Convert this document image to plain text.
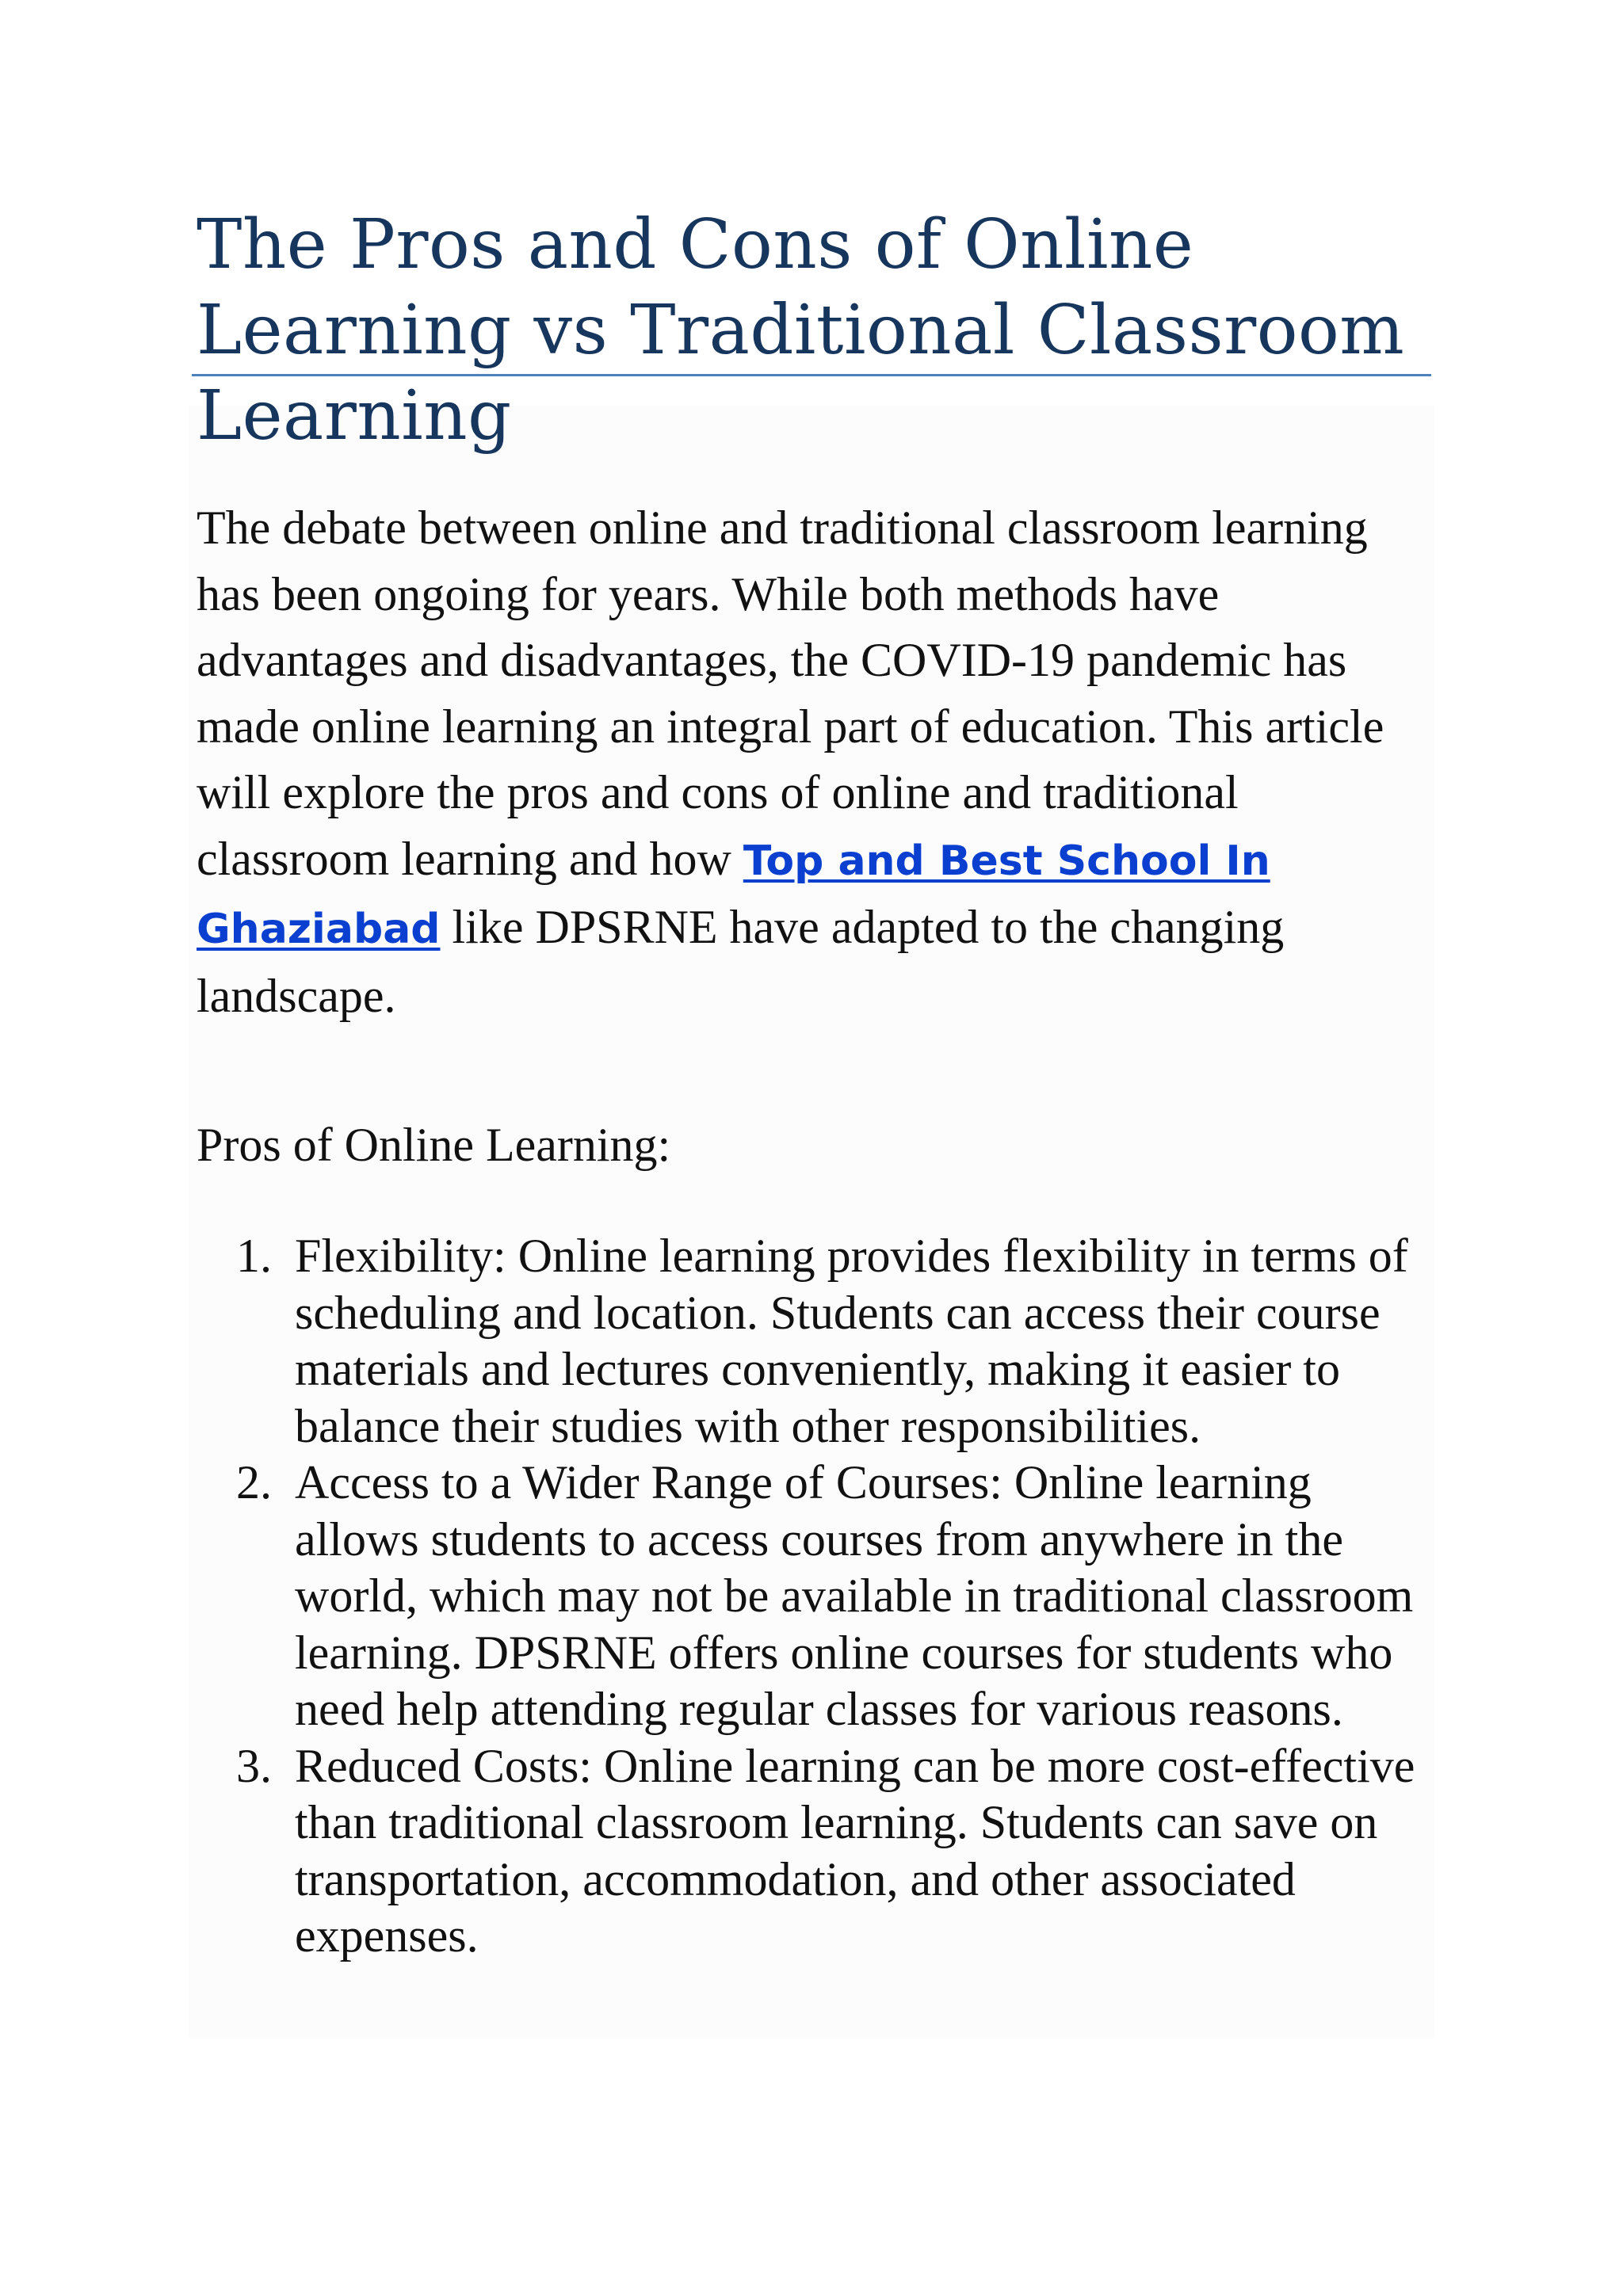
The Pros and Cons of Online Learning vs Traditional Classroom Learning

The debate between online and traditional classroom learning has been ongoing for years. While both methods have advantages and disadvantages, the COVID-19 pandemic has made online learning an integral part of education. This article will explore the pros and cons of online and traditional classroom learning and how Top and Best School In Ghaziabad like DPSRNE have adapted to the changing landscape.

Pros of Online Learning:
1. Flexibility: Online learning provides flexibility in terms of scheduling and location. Students can access their course materials and lectures conveniently, making it easier to balance their studies with other responsibilities.
2. Access to a Wider Range of Courses: Online learning allows students to access courses from anywhere in the world, which may not be available in traditional classroom learning. DPSRNE offers online courses for students who need help attending regular classes for various reasons.
3. Reduced Costs: Online learning can be more cost-effective than traditional classroom learning. Students can save on transportation, accommodation, and other associated expenses.
